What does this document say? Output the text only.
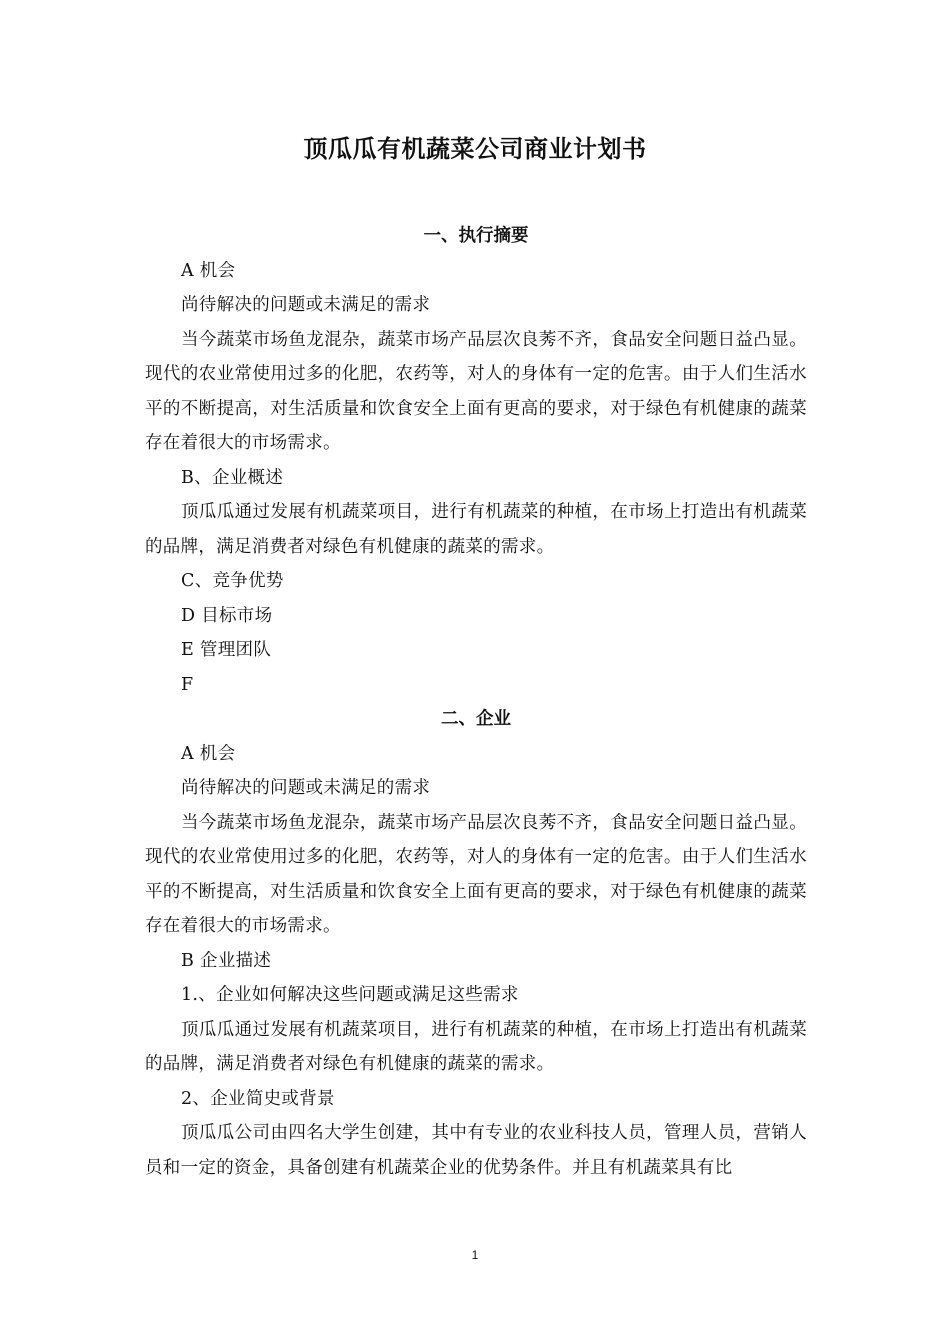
顶瓜瓜有机蔬菜公司商业计划书
一、执行摘要

A 机会

尚待解决的问题或未满足的需求

当今蔬菜市场鱼龙混杂，蔬菜市场产品层次良莠不齐，食品安全问题日益凸显。现代的农业常使用过多的化肥，农药等，对人的身体有一定的危害。由于人们生活水平的不断提高，对生活质量和饮食安全上面有更高的要求，对于绿色有机健康的蔬菜存在着很大的市场需求。

B、企业概述

顶瓜瓜通过发展有机蔬菜项目，进行有机蔬菜的种植，在市场上打造出有机蔬菜的品牌，满足消费者对绿色有机健康的蔬菜的需求。

C、竞争优势

D 目标市场

E 管理团队

F

二、企业

A 机会

尚待解决的问题或未满足的需求

当今蔬菜市场鱼龙混杂，蔬菜市场产品层次良莠不齐，食品安全问题日益凸显。现代的农业常使用过多的化肥，农药等，对人的身体有一定的危害。由于人们生活水平的不断提高，对生活质量和饮食安全上面有更高的要求，对于绿色有机健康的蔬菜存在着很大的市场需求。

B 企业描述

1.、企业如何解决这些问题或满足这些需求

顶瓜瓜通过发展有机蔬菜项目，进行有机蔬菜的种植，在市场上打造出有机蔬菜的品牌，满足消费者对绿色有机健康的蔬菜的需求。

2、企业简史或背景

顶瓜瓜公司由四名大学生创建，其中有专业的农业科技人员，管理人员，营销人员和一定的资金，具备创建有机蔬菜企业的优势条件。并且有机蔬菜具有比

1
